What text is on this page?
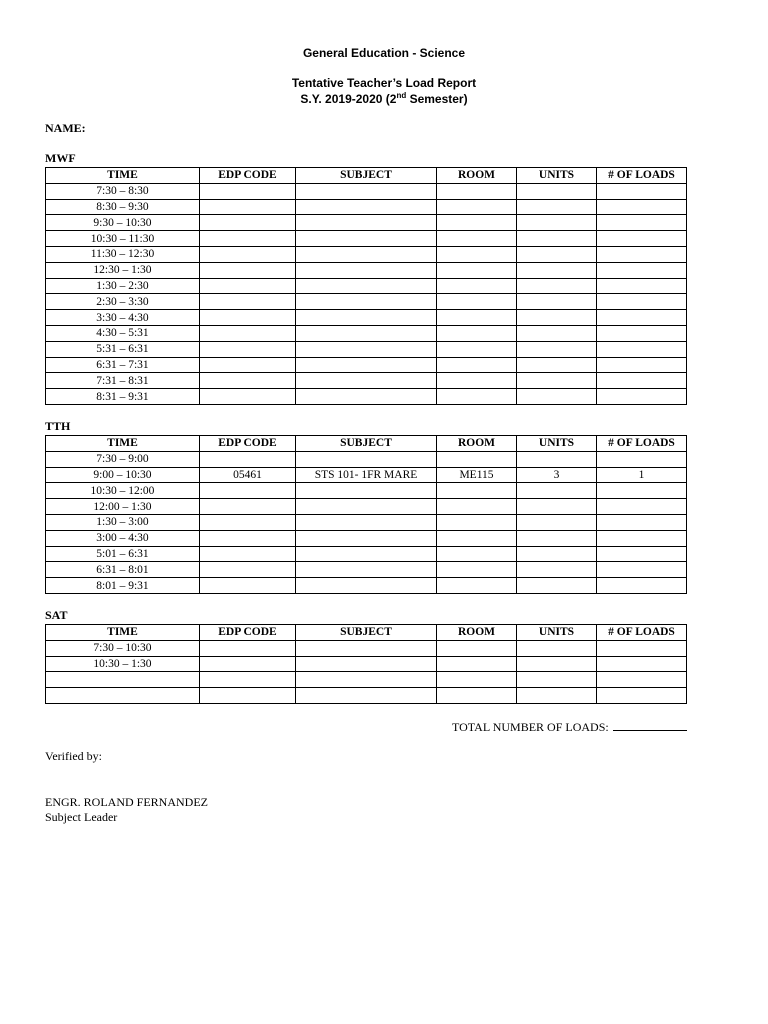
General Education - Science
Tentative Teacher’s Load Report
S.Y. 2019-2020 (2nd Semester)
NAME:
MWF
TIME	EDP CODE	SUBJECT	ROOM	UNITS	# OF LOADS
7:30 – 8:30					
8:30 – 9:30					
9:30 – 10:30					
10:30 – 11:30					
11:30 – 12:30					
12:30 – 1:30					
1:30 – 2:30					
2:30 – 3:30					
3:30 – 4:30					
4:30 – 5:31					
5:31 – 6:31					
6:31 – 7:31					
7:31 – 8:31					
8:31 – 9:31					
TTH
TIME	EDP CODE	SUBJECT	ROOM	UNITS	# OF LOADS
7:30 – 9:00					
9:00 – 10:30	05461	STS 101- 1FR MARE	ME115	3	1
10:30 – 12:00					
12:00 – 1:30					
1:30 – 3:00					
3:00 – 4:30					
5:01 – 6:31					
6:31 – 8:01					
8:01 – 9:31					
SAT
TIME	EDP CODE	SUBJECT	ROOM	UNITS	# OF LOADS
7:30 – 10:30					
10:30 – 1:30					

TOTAL NUMBER OF LOADS:
Verified by:
ENGR. ROLAND FERNANDEZ
Subject Leader
